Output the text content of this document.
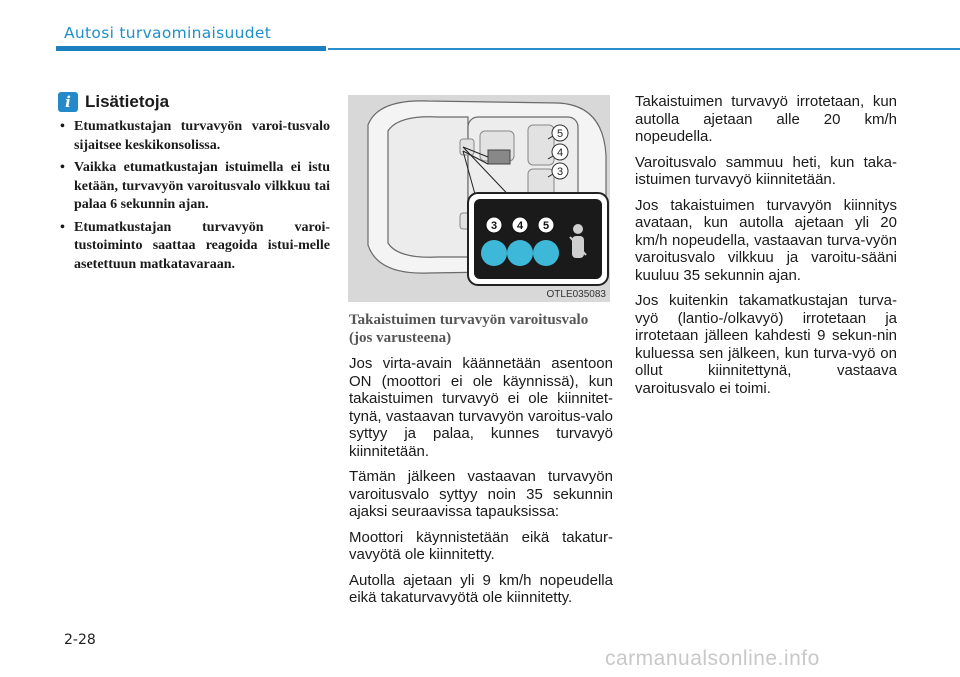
Autosi turvaominaisuudet
i Lisätietoja
• Etumatkustajan turvavyön varoi-tusvalo sijaitsee keskikonsolissa.
• Vaikka etumatkustajan istuimella ei istu ketään, turvavyön varoitusvalo vilkkuu tai palaa 6 sekunnin ajan.
• Etumatkustajan turvavyön varoi-tustoiminto saattaa reagoida istui-melle asetettuun matkatavaraan.
5
4
3
3 4 5
OTLE035083
Takaistuimen turvavyön varoitusvalo (jos varusteena)

Jos virta-avain käännetään asentoon ON (moottori ei ole käynnissä), kun takaistuimen turvavyö ei ole kiinnitet-tynä, vastaavan turvavyön varoitus-valo syttyy ja palaa, kunnes turvavyö kiinnitetään.

Tämän jälkeen vastaavan turvavyön varoitusvalo syttyy noin 35 sekunnin ajaksi seuraavissa tapauksissa:

Moottori käynnistetään eikä takatur-vavyötä ole kiinnitetty.

Autolla ajetaan yli 9 km/h nopeudella eikä takaturvavyötä ole kiinnitetty.

Takaistuimen turvavyö irrotetaan, kun autolla ajetaan alle 20 km/h nopeudella.

Varoitusvalo sammuu heti, kun taka-istuimen turvavyö kiinnitetään.

Jos takaistuimen turvavyön kiinnitys avataan, kun autolla ajetaan yli 20 km/h nopeudella, vastaavan turva-vyön varoitusvalo vilkkuu ja varoitu-sääni kuuluu 35 sekunnin ajan.

Jos kuitenkin takamatkustajan turva-vyö (lantio-/olkavyö) irrotetaan ja irrotetaan jälleen kahdesti 9 sekun-nin kuluessa sen jälkeen, kun turva-vyö on ollut kiinnitettynä, vastaava varoitusvalo ei toimi.

2-28
carmanualsonline.info
